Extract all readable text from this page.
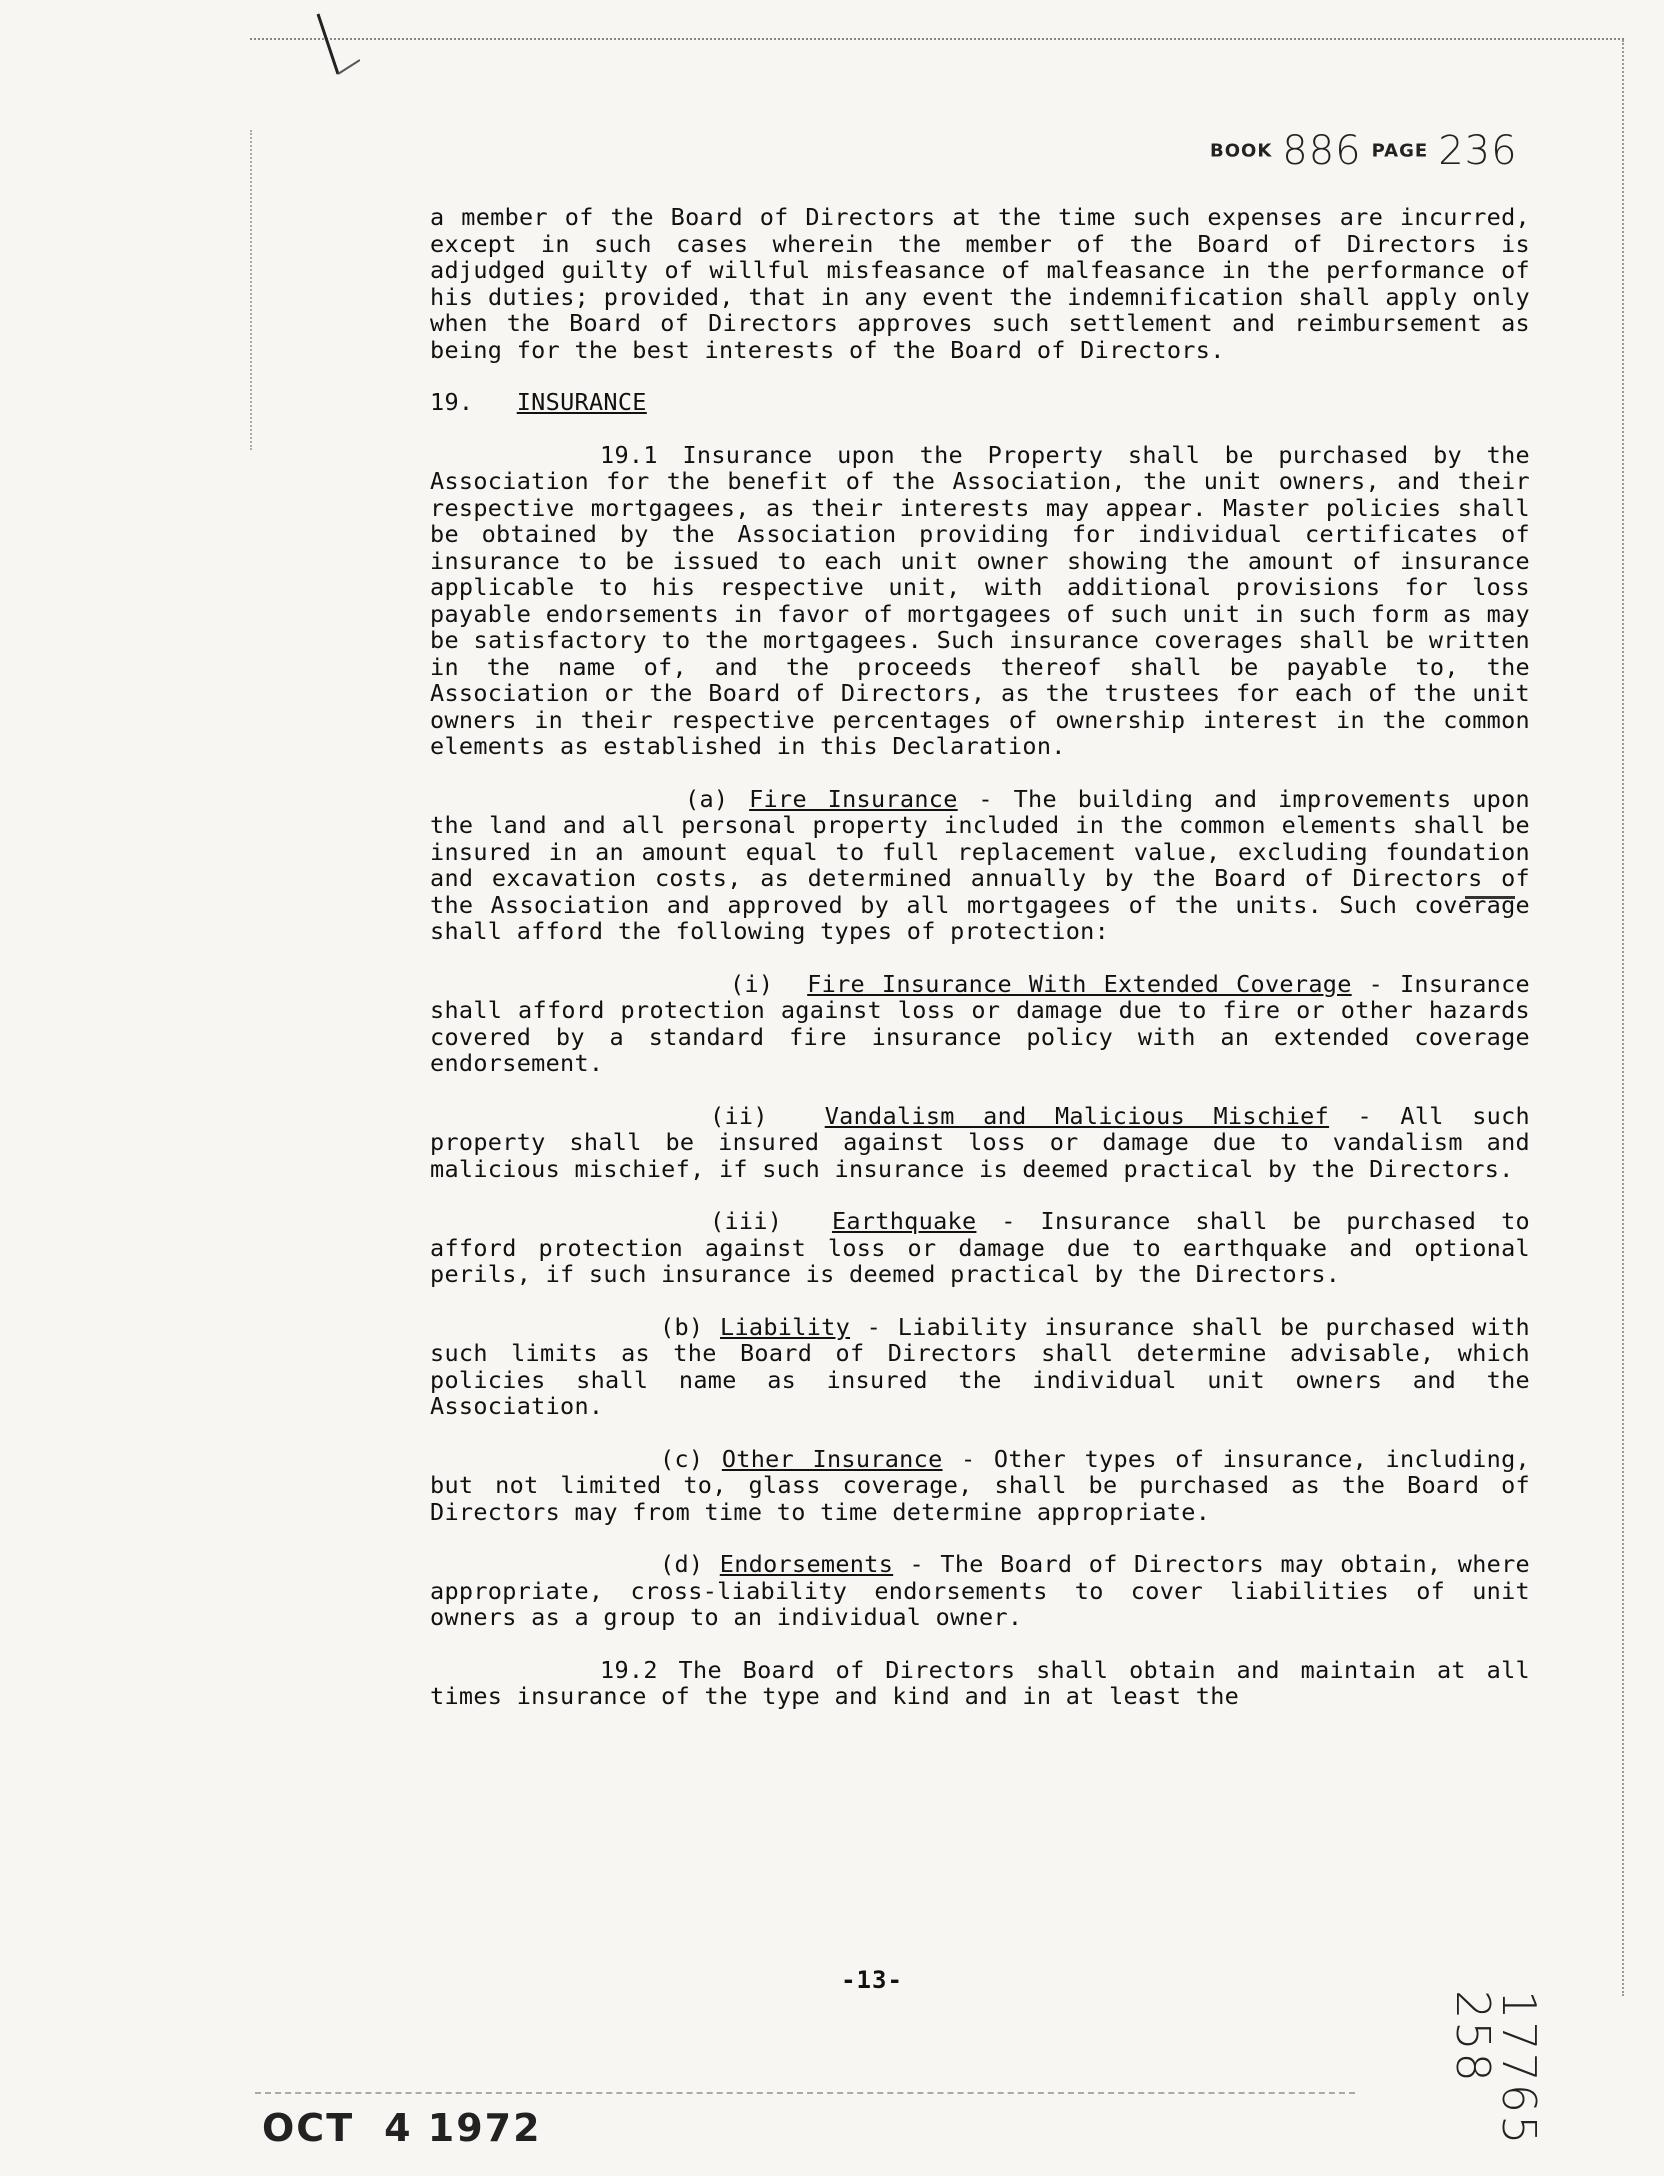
BOOK 886 PAGE 236

a member of the Board of Directors at the time such expenses are incurred, except in such cases wherein the member of the Board of Directors is adjudged guilty of willful misfeasance of malfeasance in the performance of his duties; provided, that in any event the indemnification shall apply only when the Board of Directors approves such settlement and reimbursement as being for the best interests of the Board of Directors.

19. INSURANCE

19.1 Insurance upon the Property shall be purchased by the Association for the benefit of the Association, the unit owners, and their respective mortgagees, as their interests may appear. Master policies shall be obtained by the Association providing for individual certificates of insurance to be issued to each unit owner showing the amount of insurance applicable to his respective unit, with additional provisions for loss payable endorsements in favor of mortgagees of such unit in such form as may be satisfactory to the mortgagees. Such insurance coverages shall be written in the name of, and the proceeds thereof shall be payable to, the Association or the Board of Directors, as the trustees for each of the unit owners in their respective percentages of ownership interest in the common elements as established in this Declaration.

(a) Fire Insurance - The building and improvements upon the land and all personal property included in the common elements shall be insured in an amount equal to full replacement value, excluding foundation and excavation costs, as determined annually by the Board of Directors of the Association and approved by all mortgagees of the units. Such coverage shall afford the following types of protection:

(i) Fire Insurance With Extended Coverage - Insurance shall afford protection against loss or damage due to fire or other hazards covered by a standard fire insurance policy with an extended coverage endorsement.

(ii) Vandalism and Malicious Mischief - All such property shall be insured against loss or damage due to vandalism and malicious mischief, if such insurance is deemed practical by the Directors.

(iii) Earthquake - Insurance shall be purchased to afford protection against loss or damage due to earthquake and optional perils, if such insurance is deemed practical by the Directors.

(b) Liability - Liability insurance shall be purchased with such limits as the Board of Directors shall determine advisable, which policies shall name as insured the individual unit owners and the Association.

(c) Other Insurance - Other types of insurance, including, but not limited to, glass coverage, shall be purchased as the Board of Directors may from time to time determine appropriate.

(d) Endorsements - The Board of Directors may obtain, where appropriate, cross-liability endorsements to cover liabilities of unit owners as a group to an individual owner.

19.2 The Board of Directors shall obtain and maintain at all times insurance of the type and kind and in at least the

-13-
OCT 4 1972	17765 258
